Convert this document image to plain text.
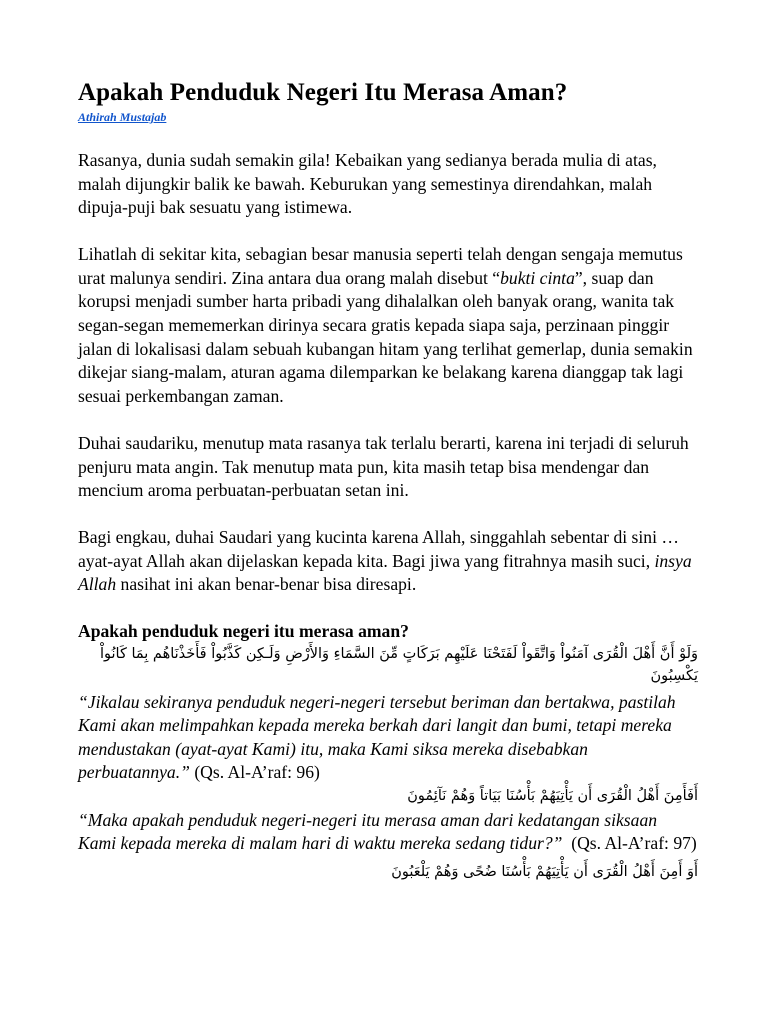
Apakah Penduduk Negeri Itu Merasa Aman?
Athirah Mustajab

Rasanya, dunia sudah semakin gila! Kebaikan yang sedianya berada mulia di atas, malah dijungkir balik ke bawah. Keburukan yang semestinya direndahkan, malah dipuja-puji bak sesuatu yang istimewa.

Lihatlah di sekitar kita, sebagian besar manusia seperti telah dengan sengaja memutus urat malunya sendiri. Zina antara dua orang malah disebut “bukti cinta”, suap dan korupsi menjadi sumber harta pribadi yang dihalalkan oleh banyak orang, wanita tak segan-segan mememerkan dirinya secara gratis kepada siapa saja, perzinaan pinggir jalan di lokalisasi dalam sebuah kubangan hitam yang terlihat gemerlap, dunia semakin dikejar siang-malam, aturan agama dilemparkan ke belakang karena dianggap tak lagi sesuai perkembangan zaman.

Duhai saudariku, menutup mata rasanya tak terlalu berarti, karena ini terjadi di seluruh penjuru mata angin. Tak menutup mata pun, kita masih tetap bisa mendengar dan mencium aroma perbuatan-perbuatan setan ini.

Bagi engkau, duhai Saudari yang kucinta karena Allah, singgahlah sebentar di sini … ayat-ayat Allah akan dijelaskan kepada kita. Bagi jiwa yang fitrahnya masih suci, insya Allah nasihat ini akan benar-benar bisa diresapi.

Apakah penduduk negeri itu merasa aman?

وَلَوْ أَنَّ أَهْلَ الْقُرَى آمَنُواْ وَاتَّقَواْ لَفَتَحْنَا عَلَيْهِم بَرَكَاتٍ مِّنَ السَّمَاءِ وَالأَرْضِ وَلَـكِن كَذَّبُواْ فَأَخَذْنَاهُم بِمَا كَانُواْ يَكْسِبُونَ

“Jikalau sekiranya penduduk negeri-negeri tersebut beriman dan bertakwa, pastilah Kami akan melimpahkan kepada mereka berkah dari langit dan bumi, tetapi mereka mendustakan (ayat-ayat Kami) itu, maka Kami siksa mereka disebabkan perbuatannya.” (Qs. Al-A’raf: 96)

أَفَأَمِنَ أَهْلُ الْقُرَى أَن يَأْتِيَهُمْ بَأْسُنَا بَيَاتاً وَهُمْ نَآئِمُونَ

“Maka apakah penduduk negeri-negeri itu merasa aman dari kedatangan siksaan Kami kepada mereka di malam hari di waktu mereka sedang tidur?”  (Qs. Al-A’raf: 97)

أَوَ أَمِنَ أَهْلُ الْقُرَى أَن يَأْتِيَهُمْ بَأْسُنَا ضُحًى وَهُمْ يَلْعَبُونَ
